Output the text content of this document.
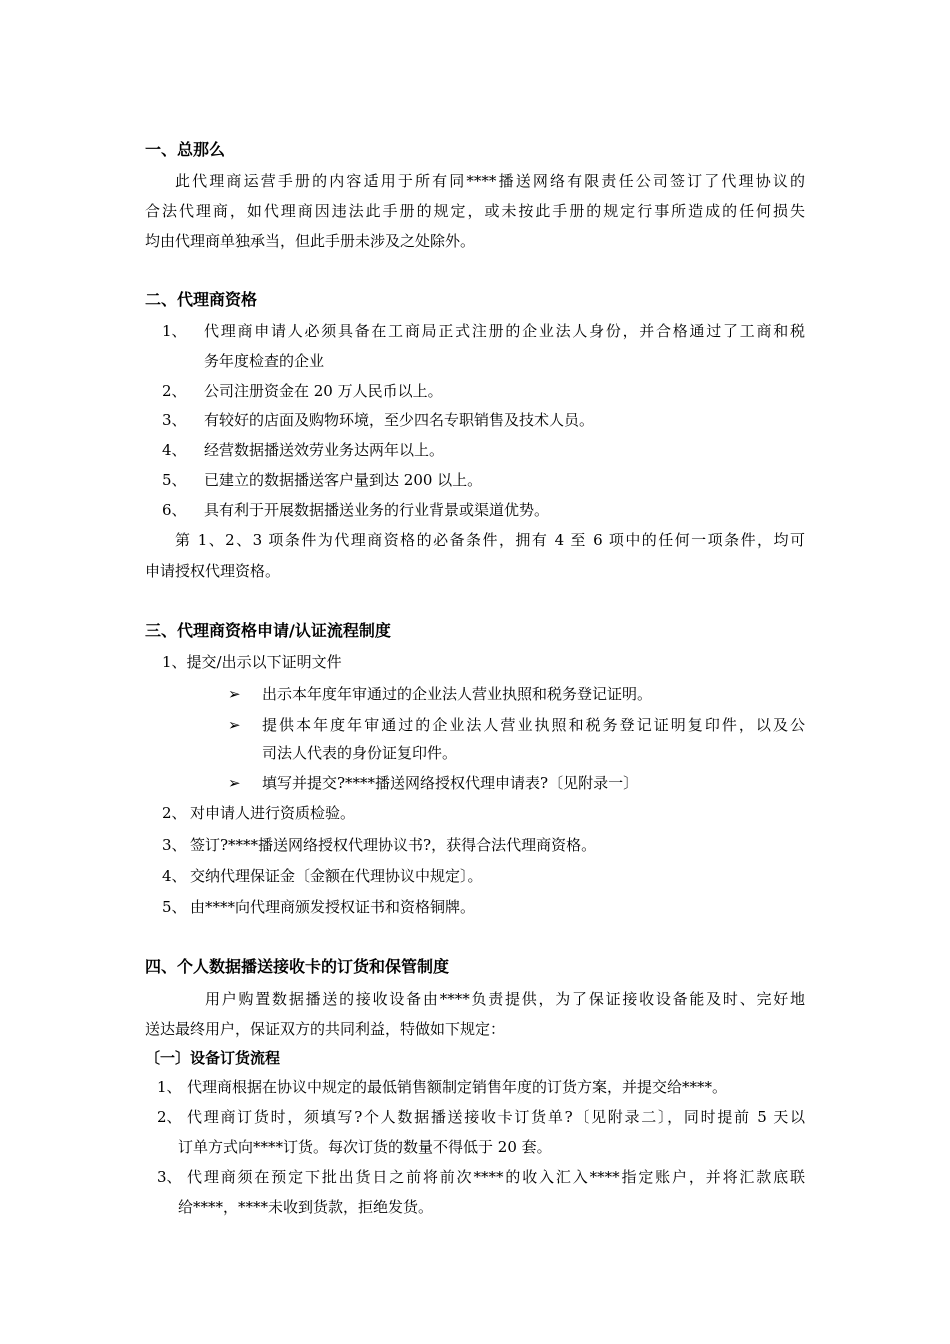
一、总那么
此代理商运营手册的内容适用于所有同****播送网络有限责任公司签订了代理协议的
合法代理商，如代理商因违法此手册的规定，或未按此手册的规定行事所造成的任何损失
均由代理商单独承当，但此手册未涉及之处除外。
二、代理商资格
1、 代理商申请人必须具备在工商局正式注册的企业法人身份，并合格通过了工商和税
务年度检查的企业
2、 公司注册资金在 20 万人民币以上。
3、 有较好的店面及购物环境，至少四名专职销售及技术人员。
4、 经营数据播送效劳业务达两年以上。
5、 已建立的数据播送客户量到达 200 以上。
6、 具有利于开展数据播送业务的行业背景或渠道优势。
第 1、2、3 项条件为代理商资格的必备条件，拥有 4 至 6 项中的任何一项条件，均可
申请授权代理资格。
三、代理商资格申请/认证流程制度
1、提交/出示以下证明文件
➢ 出示本年度年审通过的企业法人营业执照和税务登记证明。
➢ 提供本年度年审通过的企业法人营业执照和税务登记证明复印件，以及公
司法人代表的身份证复印件。
➢ 填写并提交?****播送网络授权代理申请表?〔见附录一〕
2、 对申请人进行资质检验。
3、 签订?****播送网络授权代理协议书?，获得合法代理商资格。
4、 交纳代理保证金〔金额在代理协议中规定〕。
5、 由****向代理商颁发授权证书和资格铜牌。
四、个人数据播送接收卡的订货和保管制度
用户购置数据播送的接收设备由****负责提供，为了保证接收设备能及时、完好地
送达最终用户，保证双方的共同利益，特做如下规定：
〔一〕设备订货流程
1、 代理商根据在协议中规定的最低销售额制定销售年度的订货方案，并提交给****。
2、 代理商订货时，须填写?个人数据播送接收卡订货单?〔见附录二〕，同时提前 5 天以
订单方式向****订货。每次订货的数量不得低于 20 套。
3、 代理商须在预定下批出货日之前将前次****的收入汇入****指定账户，并将汇款底联
给****，****未收到货款，拒绝发货。
